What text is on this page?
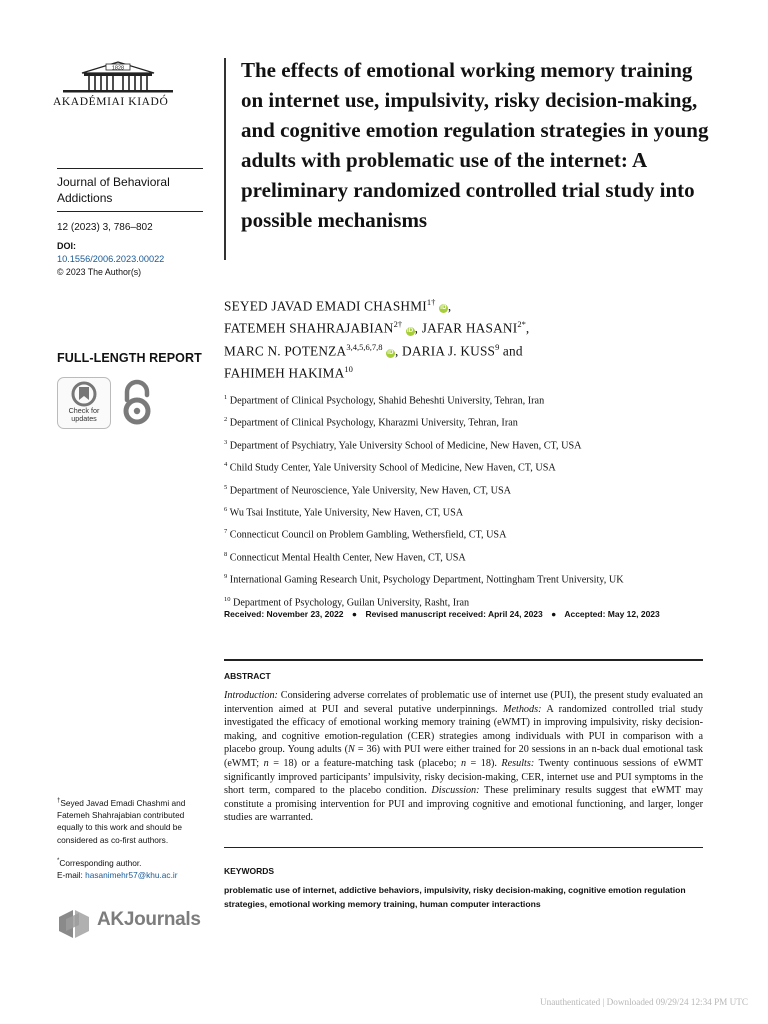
1828
AKADÉMIAI KIADÓ
Journal of Behavioral Addictions
12 (2023) 3, 786–802
DOI:
10.1556/2006.2023.00022
© 2023 The Author(s)
FULL-LENGTH REPORT
Check for
updates
†Seyed Javad Emadi Chashmi and Fatemeh Shahrajabian contributed equally to this work and should be considered as co-first authors.
*Corresponding author.
E-mail: hasanimehr57@khu.ac.ir
AKJournals
The effects of emotional working memory training on internet use, impulsivity, risky decision-making, and cognitive emotion regulation strategies in young adults with problematic use of the internet: A preliminary randomized controlled trial study into possible mechanisms
SEYED JAVAD EMADI $CHASHMI^{1\dagger}$ iD,
FATEMEH $SHAHRAJABIAN^{2\dagger}$ iD, JAFAR $HASANI^{2*}$,
MARC N. POTENZA$^{3,4,5,6,7,8}$ iD, DARIA J. KUSS$^9$ and
FAHIMEH HAKIMA$^{10}$
$^1$ Department of Clinical Psychology, Shahid Beheshti University, Tehran, Iran
$^2$ Department of Clinical Psychology, Kharazmi University, Tehran, Iran
$^3$ Department of Psychiatry, Yale University School of Medicine, New Haven, CT, USA
$^4$ Child Study Center, Yale University School of Medicine, New Haven, CT, USA
$^5$ Department of Neuroscience, Yale University, New Haven, CT, USA
$^6$ Wu Tsai Institute, Yale University, New Haven, CT, USA
$^7$ Connecticut Council on Problem Gambling, Wethersfield, CT, USA
$^8$ Connecticut Mental Health Center, New Haven, CT, USA
$^9$ International Gaming Research Unit, Psychology Department, Nottingham Trent University, UK
$^{10}$ Department of Psychology, Guilan University, Rasht, Iran
Received: November 23, 2022 ● Revised manuscript received: April 24, 2023 ● Accepted: May 12, 2023
ABSTRACT
Introduction: Considering adverse correlates of problematic use of internet use (PUI), the present study evaluated an intervention aimed at PUI and several putative underpinnings. Methods: A randomized controlled trial study investigated the efficacy of emotional working memory training (eWMT) in improving impulsivity, risky decision-making, and cognitive emotion-regulation (CER) strategies among individuals with PUI in comparison with a placebo group. Young adults (N = 36) with PUI were either trained for 20 sessions in an n-back dual emotional task (eWMT; n = 18) or a feature-matching task (placebo; n = 18). Results: Twenty continuous sessions of eWMT significantly improved participants’ impulsivity, risky decision-making, CER, internet use and PUI symptoms in the short term, compared to the placebo condition. Discussion: These preliminary results suggest that eWMT may constitute a promising intervention for PUI and improving cognitive and emotional functioning, and larger, longer studies are warranted.
KEYWORDS
problematic use of internet, addictive behaviors, impulsivity, risky decision-making, cognitive emotion regulation strategies, emotional working memory training, human computer interactions
Unauthenticated | Downloaded 09/29/24 12:34 PM UTC
